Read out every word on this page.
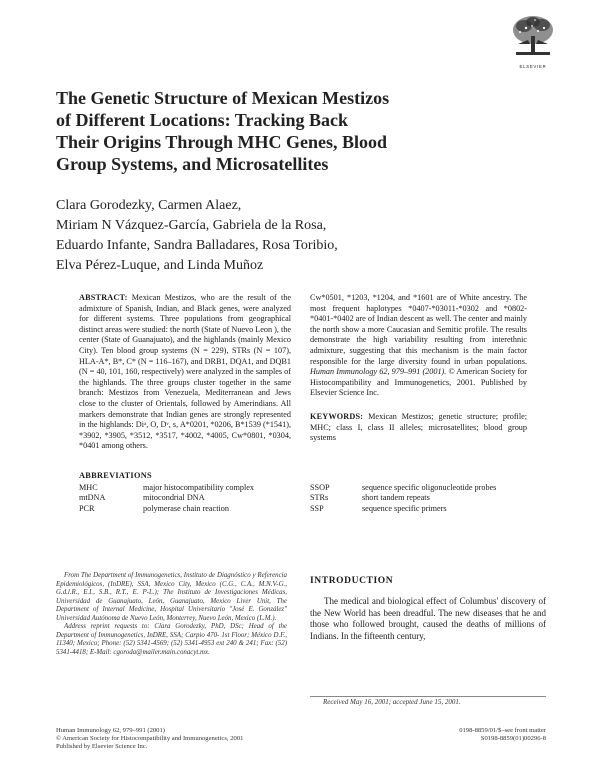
ELSEVIER
The Genetic Structure of Mexican Mestizos
of Different Locations: Tracking Back
Their Origins Through MHC Genes, Blood
Group Systems, and Microsatellites
Clara Gorodezky, Carmen Alaez,
Miriam N Vázquez-García, Gabriela de la Rosa,
Eduardo Infante, Sandra Balladares, Rosa Toribio,
Elva Pérez-Luque, and Linda Muñoz
ABSTRACT: Mexican Mestizos, who are the result of the admixture of Spanish, Indian, and Black genes, were analyzed for different systems. Three populations from geographical distinct areas were studied: the north (State of Nuevo Leon ), the center (State of Guanajuato), and the highlands (mainly Mexico City). Ten blood group systems (N = 229), STRs (N = 107), HLA-A*, B*, C* (N = 116–167), and DRB1, DQA1, and DQB1 (N = 40, 101, 160, respectively) were analyzed in the samples of the highlands. The three groups cluster together in the same branch: Mestizos from Venezuela, Mediterranean and Jews close to the cluster of Orientals, followed by Amerindians. All markers demonstrate that Indian genes are strongly represented in the highlands: Diᵃ, O, Dᵛ, s, A*0201, *0206, B*1539 (*1541), *3902, *3905, *3512, *3517, *4002, *4005, Cw*0801, *0304, *0401 among others.
Cw*0501, *1203, *1204, and *1601 are of White ancestry. The most frequent haplotypes *0407-*03011-*0302 and *0802-*0401-*0402 are of Indian descent as well. The center and mainly the north show a more Caucasian and Semitic profile. The results demonstrate the high variability resulting from interethnic admixture, suggesting that this mechanism is the main factor responsible for the large diversity found in urban populations. Human Immunology 62, 979–991 (2001). © American Society for Histocompatibility and Immunogenetics, 2001. Published by Elsevier Science Inc.
KEYWORDS: Mexican Mestizos; genetic structure; profile; MHC; class I, class II alleles; microsatellites; blood group systems
ABBREVIATIONS
MHC	major histocompatibility complex
mtDNA	mitocondrial DNA
PCR	polymerase chain reaction
SSOP	sequence specific oligonucleotide probes
STRs	short tandem repeats
SSP	sequence specific primers

From The Department of Immunogenetics, Instituto de Diagnóstico y Referencia Epidemiológicos, (InDRE), SSA, Mexico City, Mexico (C.G., C.A., M.N.V-G., G.d.l.R., E.I., S.B., R.T., E. P-L.); The Instituto de Investigaciones Médicas, Universidad de Guanajuato, León, Guanajuato, Mexico Liver Unit, The Department of Internal Medicine, Hospital Universitario "José E. González" Universidad Autónoma de Nuevo León, Monterrey, Nuevo León, Mexico (L.M.).

Address reprint requests to: Clara Gorodezky, PhD, DSc; Head of the Department of Immunogenetics, InDRE, SSA; Carpio 470- 1st Floor; México D.F., 11340; Mexico; Phone: (52) 5341-4569; (52) 5341-4953 ext 240 & 241; Fax: (52) 5341-4418; E-Mail: cgoroda@mailer.main.conacyt.mx.

INTRODUCTION

The medical and biological effect of Columbus' discovery of the New World has been dreadful. The new diseases that he and those who followed brought, caused the deaths of millions of Indians. In the fifteenth century,

Received May 16, 2001; accepted June 15, 2001.
Human Immunology 62, 979–991 (2001)
© American Society for Histocompatibility and Immunogenetics, 2001
Published by Elsevier Science Inc.
0198-8859/01/$–see front matter
S0198-8859(01)00296-8
